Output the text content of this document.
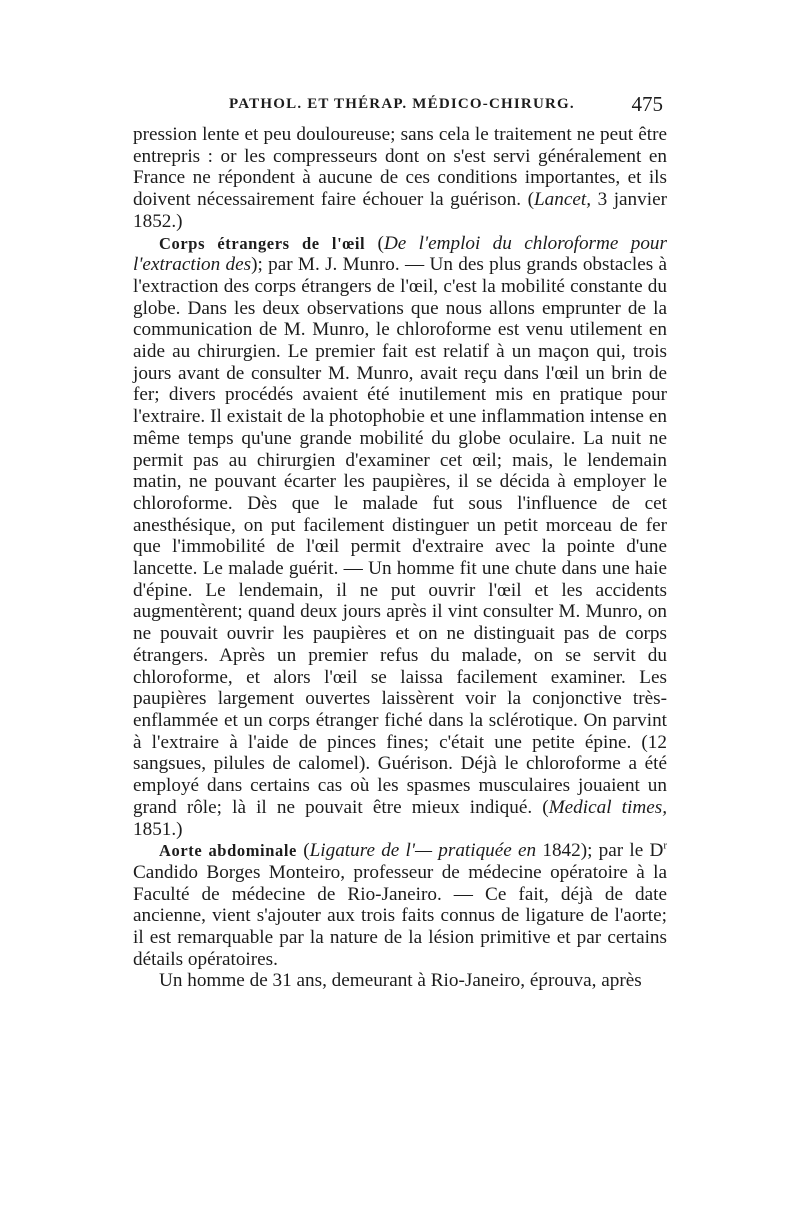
PATHOL. ET THÉRAP. MÉDICO-CHIRURG.	475

pression lente et peu douloureuse; sans cela le traitement ne peut être entrepris : or les compresseurs dont on s'est servi généralement en France ne répondent à aucune de ces conditions importantes, et ils doivent nécessairement faire échouer la guérison. (Lancet, 3 janvier 1852.)

Corps étrangers de l'œil (De l'emploi du chloroforme pour l'extraction des); par M. J. Munro. — Un des plus grands obstacles à l'extraction des corps étrangers de l'œil, c'est la mobilité constante du globe. Dans les deux observations que nous allons emprunter de la communication de M. Munro, le chloroforme est venu utilement en aide au chirurgien. Le premier fait est relatif à un maçon qui, trois jours avant de consulter M. Munro, avait reçu dans l'œil un brin de fer; divers procédés avaient été inutilement mis en pratique pour l'extraire. Il existait de la photophobie et une inflammation intense en même temps qu'une grande mobilité du globe oculaire. La nuit ne permit pas au chirurgien d'examiner cet œil; mais, le lendemain matin, ne pouvant écarter les paupières, il se décida à employer le chloroforme. Dès que le malade fut sous l'influence de cet anesthésique, on put facilement distinguer un petit morceau de fer que l'immobilité de l'œil permit d'extraire avec la pointe d'une lancette. Le malade guérit. — Un homme fit une chute dans une haie d'épine. Le lendemain, il ne put ouvrir l'œil et les accidents augmentèrent; quand deux jours après il vint consulter M. Munro, on ne pouvait ouvrir les paupières et on ne distinguait pas de corps étrangers. Après un premier refus du malade, on se servit du chloroforme, et alors l'œil se laissa facilement examiner. Les paupières largement ouvertes laissèrent voir la conjonctive très-enflammée et un corps étranger fiché dans la sclérotique. On parvint à l'extraire à l'aide de pinces fines; c'était une petite épine. (12 sangsues, pilules de calomel). Guérison. Déjà le chloroforme a été employé dans certains cas où les spasmes musculaires jouaient un grand rôle; là il ne pouvait être mieux indiqué. (Medical times, 1851.)

Aorte abdominale (Ligature de l'— pratiquée en 1842); par le $D^r$ Candido Borges Monteiro, professeur de médecine opératoire à la Faculté de médecine de Rio-Janeiro. — Ce fait, déjà de date ancienne, vient s'ajouter aux trois faits connus de ligature de l'aorte; il est remarquable par la nature de la lésion primitive et par certains détails opératoires.

Un homme de 31 ans, demeurant à Rio-Janeiro, éprouva, après
